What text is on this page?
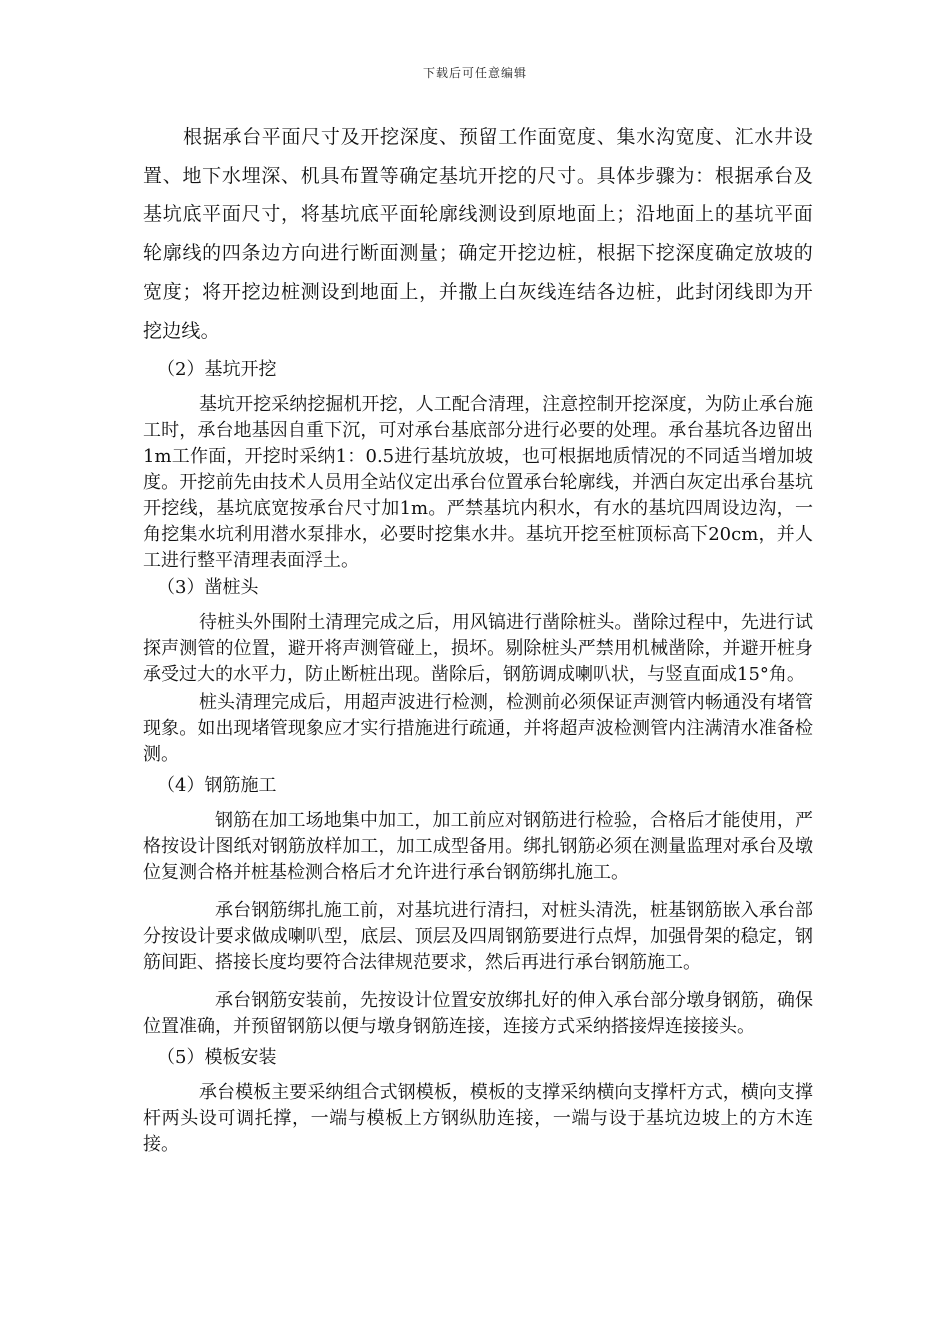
下载后可任意编辑

根据承台平面尺寸及开挖深度、预留工作面宽度、集水沟宽度、汇水井设置、地下水埋深、机具布置等确定基坑开挖的尺寸。具体步骤为：根据承台及基坑底平面尺寸，将基坑底平面轮廓线测设到原地面上；沿地面上的基坑平面轮廓线的四条边方向进行断面测量；确定开挖边桩，根据下挖深度确定放坡的宽度；将开挖边桩测设到地面上，并撒上白灰线连结各边桩，此封闭线即为开挖边线。

（2）基坑开挖

基坑开挖采纳挖掘机开挖，人工配合清理，注意控制开挖深度，为防止承台施工时，承台地基因自重下沉，可对承台基底部分进行必要的处理。承台基坑各边留出1m工作面，开挖时采纳1：0.5进行基坑放坡，也可根据地质情况的不同适当增加坡度。开挖前先由技术人员用全站仪定出承台位置承台轮廓线，并洒白灰定出承台基坑开挖线，基坑底宽按承台尺寸加1m。严禁基坑内积水，有水的基坑四周设边沟，一角挖集水坑利用潜水泵排水，必要时挖集水井。基坑开挖至桩顶标高下20cm，并人工进行整平清理表面浮土。

（3）凿桩头

待桩头外围附土清理完成之后，用风镐进行凿除桩头。凿除过程中，先进行试探声测管的位置，避开将声测管碰上，损坏。剔除桩头严禁用机械凿除，并避开桩身承受过大的水平力，防止断桩出现。凿除后，钢筋调成喇叭状，与竖直面成15°角。

桩头清理完成后，用超声波进行检测，检测前必须保证声测管内畅通没有堵管现象。如出现堵管现象应才实行措施进行疏通，并将超声波检测管内注满清水准备检测。

（4）钢筋施工

钢筋在加工场地集中加工，加工前应对钢筋进行检验，合格后才能使用，严格按设计图纸对钢筋放样加工，加工成型备用。绑扎钢筋必须在测量监理对承台及墩位复测合格并桩基检测合格后才允许进行承台钢筋绑扎施工。

承台钢筋绑扎施工前，对基坑进行清扫，对桩头清洗，桩基钢筋嵌入承台部分按设计要求做成喇叭型，底层、顶层及四周钢筋要进行点焊，加强骨架的稳定，钢筋间距、搭接长度均要符合法律规范要求，然后再进行承台钢筋施工。

承台钢筋安装前，先按设计位置安放绑扎好的伸入承台部分墩身钢筋，确保位置准确，并预留钢筋以便与墩身钢筋连接，连接方式采纳搭接焊连接接头。

（5）模板安装

承台模板主要采纳组合式钢模板，模板的支撑采纳横向支撑杆方式，横向支撑杆两头设可调托撑，一端与模板上方钢纵肋连接，一端与设于基坑边坡上的方木连接。
